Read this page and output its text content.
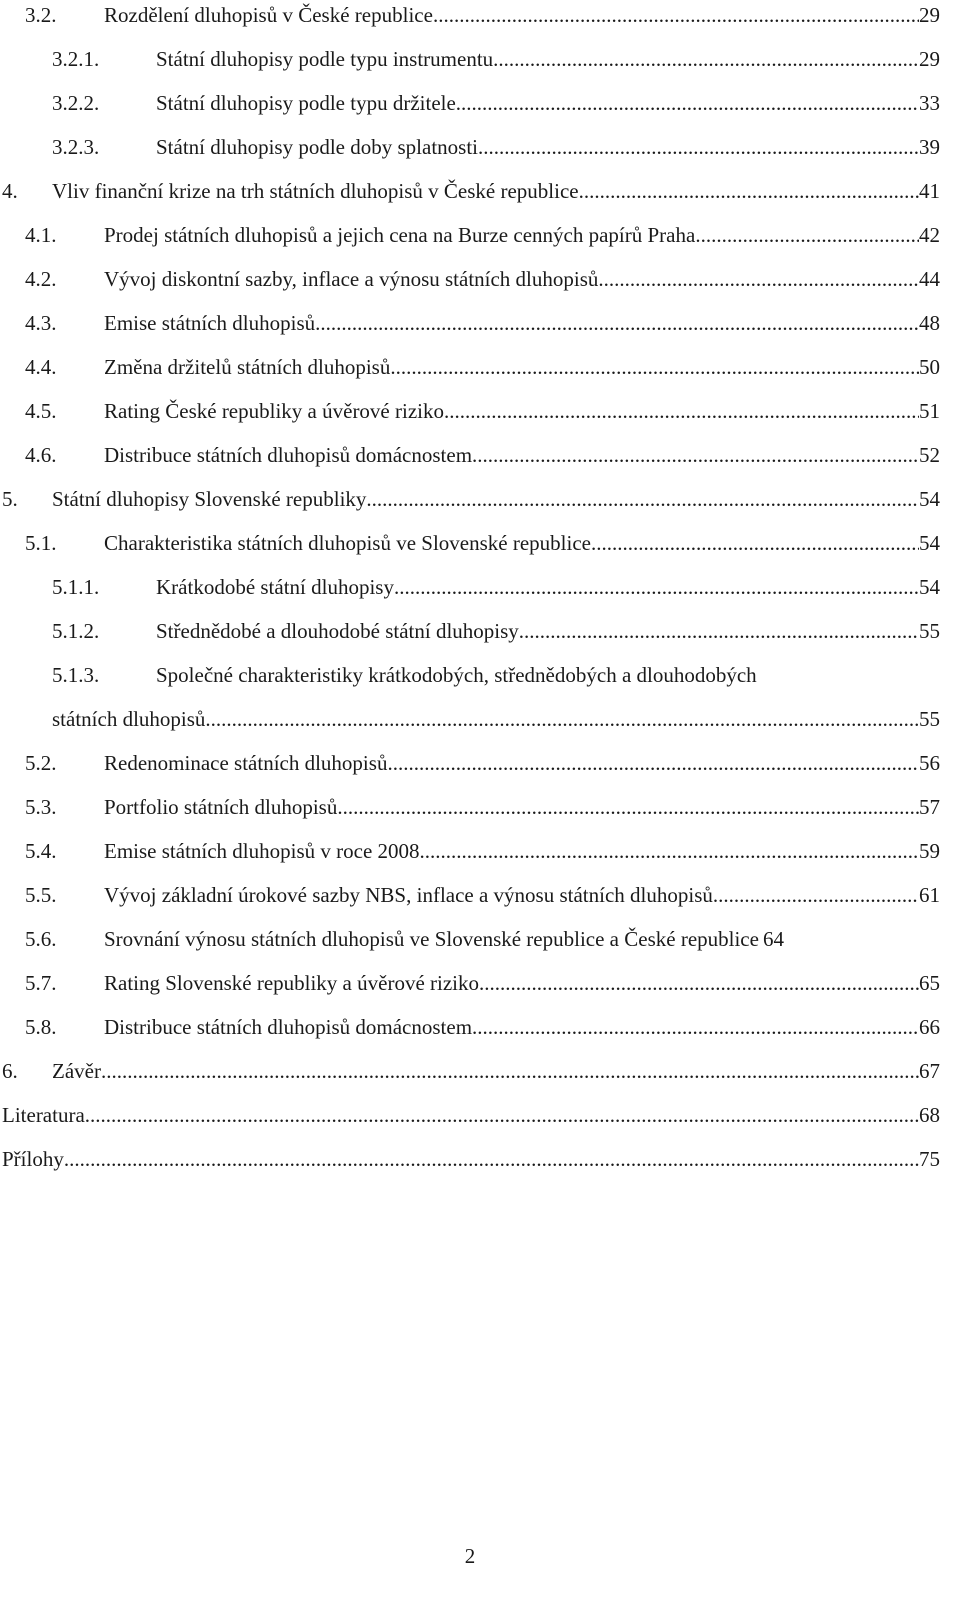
3.2. Rozdělení dluhopisů v České republice .....	29
3.2.1.	Státní dluhopisy podle typu instrumentu .....	29
3.2.2.	Státní dluhopisy podle typu držitele .....	33
3.2.3.	Státní dluhopisy podle doby splatnosti .....	39
4. Vliv finanční krize na trh státních dluhopisů v České republice .....	41
4.1. Prodej státních dluhopisů a jejich cena na Burze cenných papírů Praha .....	42
4.2. Vývoj diskontní sazby, inflace a výnosu státních dluhopisů .....	44
4.3. Emise státních dluhopisů .....	48
4.4. Změna držitelů státních dluhopisů .....	50
4.5. Rating České republiky a úvěrové riziko .....	51
4.6. Distribuce státních dluhopisů domácnostem .....	52
5. Státní dluhopisy Slovenské republiky .....	54
5.1. Charakteristika státních dluhopisů ve Slovenské republice .....	54
5.1.1.	Krátkodobé státní dluhopisy .....	54
5.1.2.	Střednědobé a dlouhodobé státní dluhopisy .....	55
5.1.3.	Společné charakteristiky krátkodobých, střednědobých a dlouhodobých
státních dluhopisů .....	55
5.2. Redenominace státních dluhopisů .....	56
5.3. Portfolio státních dluhopisů .....	57
5.4. Emise státních dluhopisů v roce 2008 .....	59
5.5. Vývoj základní úrokové sazby NBS, inflace a výnosu státních dluhopisů .....	61
5.6. Srovnání výnosu státních dluhopisů ve Slovenské republice a České republice 64
5.7. Rating Slovenské republiky a úvěrové riziko .....	65
5.8. Distribuce státních dluhopisů domácnostem .....	66
6. Závěr .....	67
Literatura .....	68
Přílohy .....	75
2
